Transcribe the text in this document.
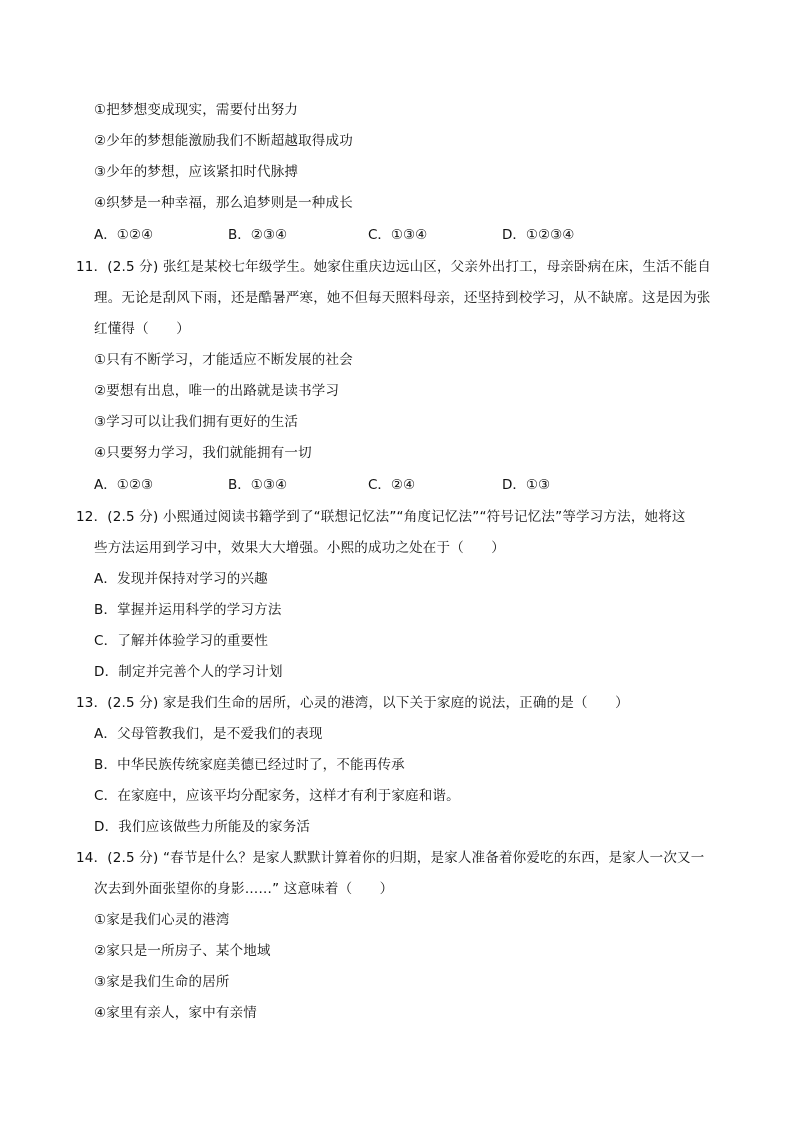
①把梦想变成现实，需要付出努力
②少年的梦想能激励我们不断超越取得成功
③少年的梦想，应该紧扣时代脉搏
④织梦是一种幸福，那么追梦则是一种成长
A．①②④	B．②③④	C．①③④	D．①②③④
11．(2.5 分) 张红是某校七年级学生。她家住重庆边远山区，父亲外出打工，母亲卧病在床，生活不能自
理。无论是刮风下雨，还是酷暑严寒，她不但每天照料母亲，还坚持到校学习，从不缺席。这是因为张
红懂得（　　）
①只有不断学习，才能适应不断发展的社会
②要想有出息，唯一的出路就是读书学习
③学习可以让我们拥有更好的生活
④只要努力学习，我们就能拥有一切
A．①②③	B．①③④	C．②④	D．①③
12．(2.5 分) 小熙通过阅读书籍学到了“联想记忆法”“角度记忆法”“符号记忆法”等学习方法，她将这
些方法运用到学习中，效果大大增强。小熙的成功之处在于（　　）
A．发现并保持对学习的兴趣
B．掌握并运用科学的学习方法
C．了解并体验学习的重要性
D．制定并完善个人的学习计划
13．(2.5 分) 家是我们生命的居所，心灵的港湾，以下关于家庭的说法，正确的是（　　）
A．父母管教我们，是不爱我们的表现
B．中华民族传统家庭美德已经过时了，不能再传承
C．在家庭中，应该平均分配家务，这样才有利于家庭和谐。
D．我们应该做些力所能及的家务活
14．(2.5 分) “春节是什么？是家人默默计算着你的归期，是家人准备着你爱吃的东西，是家人一次又一
次去到外面张望你的身影……” 这意味着（　　）
①家是我们心灵的港湾
②家只是一所房子、某个地域
③家是我们生命的居所
④家里有亲人，家中有亲情
